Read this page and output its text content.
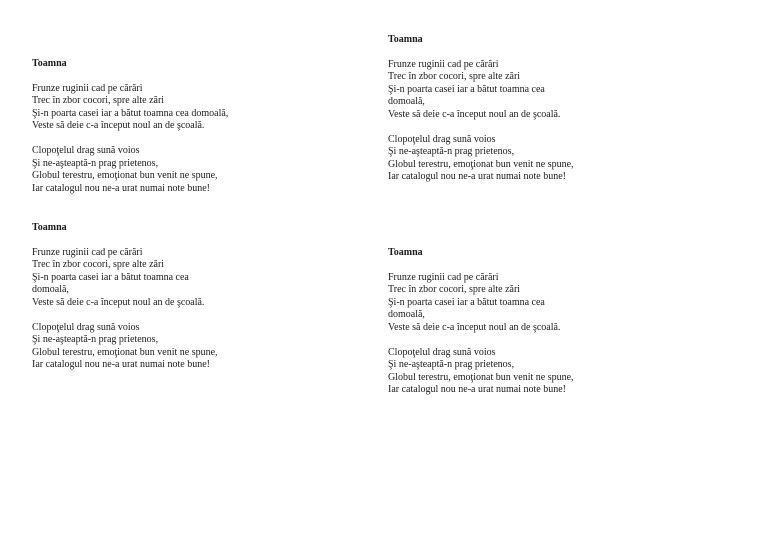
Toamna
Frunze ruginii cad pe cărări
Trec în zbor cocori, spre alte zări
Şi-n poarta casei iar a bătut toamna cea domoală,
Veste să deie c-a început noul an de şcoală.
Clopoţelul drag sună voios
Şi ne-aşteaptă-n prag prietenos,
Globul terestru, emoţionat bun venit ne spune,
Iar catalogul nou ne-a urat numai note bune!
Toamna
Frunze ruginii cad pe cărări
Trec în zbor cocori, spre alte zări
Şi-n poarta casei iar a bătut toamna cea domoală,
Veste să deie c-a început noul an de şcoală.
Clopoţelul drag sună voios
Şi ne-aşteaptă-n prag prietenos,
Globul terestru, emoţionat bun venit ne spune,
Iar catalogul nou ne-a urat numai note bune!
Toamna
Frunze ruginii cad pe cărări
Trec în zbor cocori, spre alte zări
Şi-n poarta casei iar a bătut toamna cea domoală,
Veste să deie c-a început noul an de şcoală.
Clopoţelul drag sună voios
Şi ne-aşteaptă-n prag prietenos,
Globul terestru, emoţionat bun venit ne spune,
Iar catalogul nou ne-a urat numai note bune!
Toamna
Frunze ruginii cad pe cărări
Trec în zbor cocori, spre alte zări
Şi-n poarta casei iar a bătut toamna cea domoală,
Veste să deie c-a început noul an de şcoală.
Clopoţelul drag sună voios
Şi ne-aşteaptă-n prag prietenos,
Globul terestru, emoţionat bun venit ne spune,
Iar catalogul nou ne-a urat numai note bune!
